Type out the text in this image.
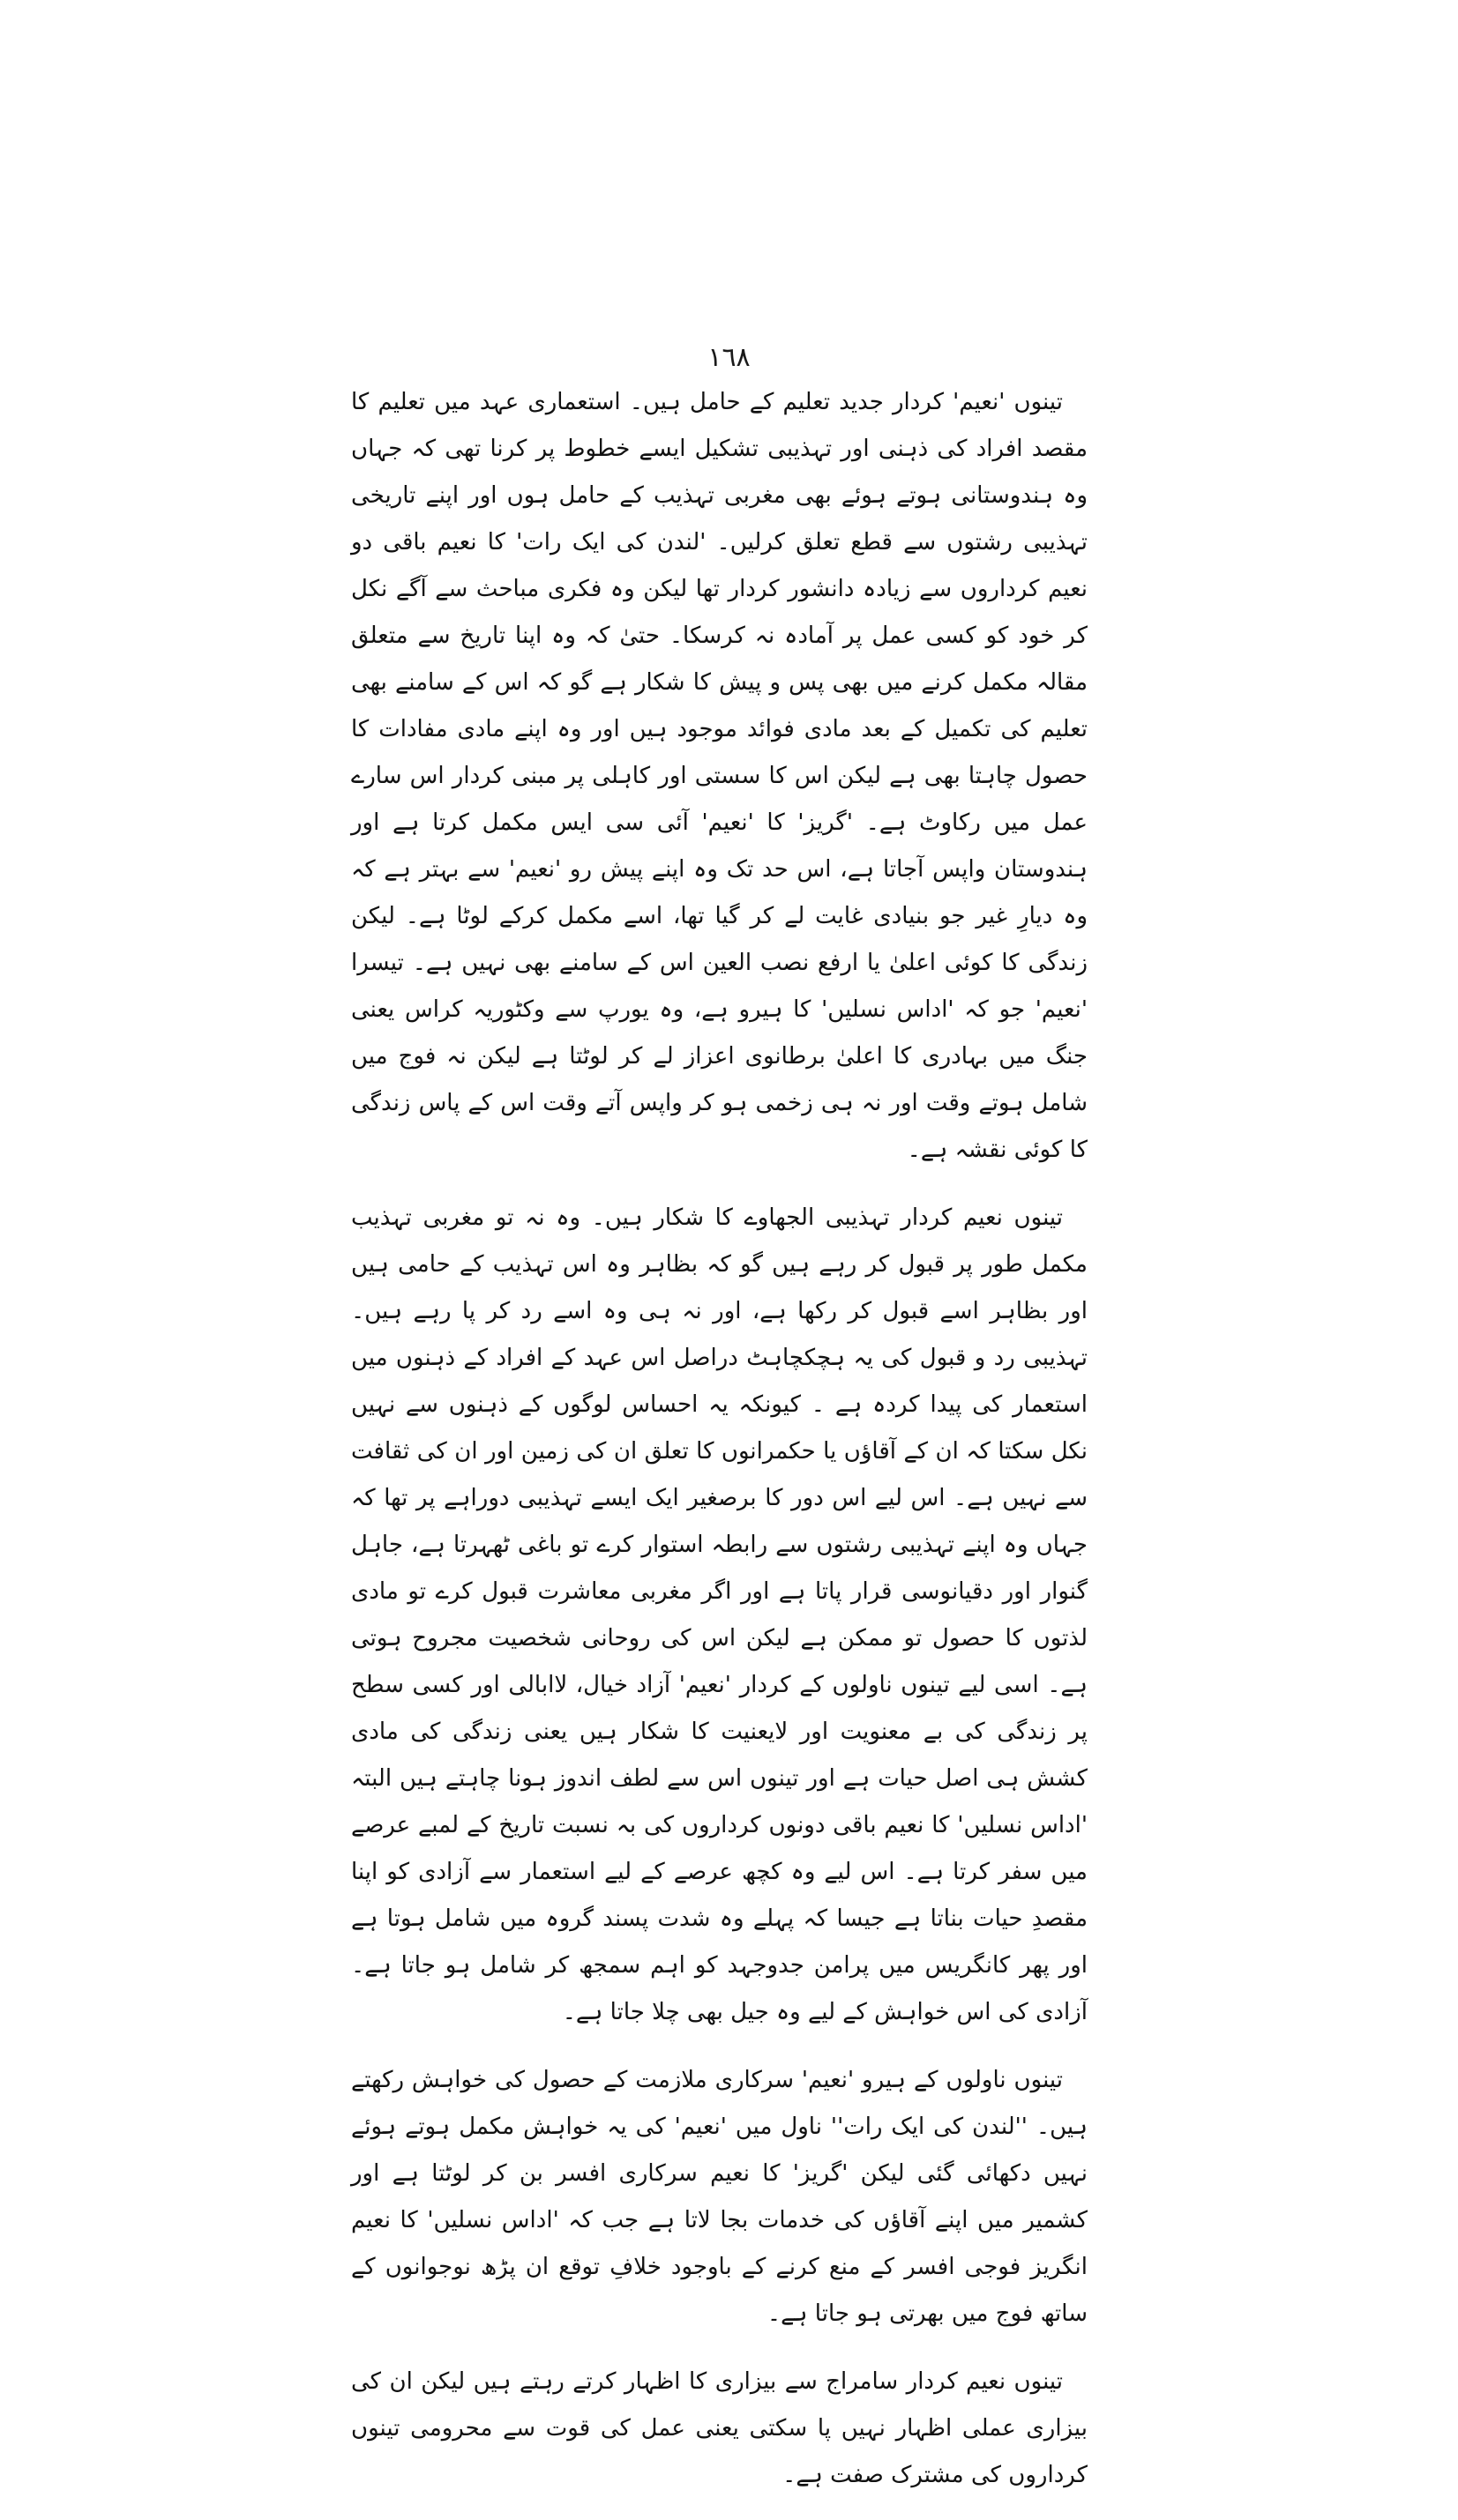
١٦٨

تینوں 'نعیم' کردار جدید تعلیم کے حامل ہیں۔ استعماری عہد میں تعلیم کا مقصد افراد کی ذہنی اور تہذیبی تشکیل ایسے خطوط پر کرنا تھی کہ جہاں وہ ہندوستانی ہوتے ہوئے بھی مغربی تہذیب کے حامل ہوں اور اپنے تاریخی تہذیبی رشتوں سے قطع تعلق کرلیں۔ 'لندن کی ایک رات' کا نعیم باقی دو نعیم کرداروں سے زیادہ دانشور کردار تھا لیکن وہ فکری مباحث سے آگے نکل کر خود کو کسی عمل پر آمادہ نہ کرسکا۔ حتیٰ کہ وہ اپنا تاریخ سے متعلق مقالہ مکمل کرنے میں بھی پس و پیش کا شکار ہے گو کہ اس کے سامنے بھی تعلیم کی تکمیل کے بعد مادی فوائد موجود ہیں اور وہ اپنے مادی مفادات کا حصول چاہتا بھی ہے لیکن اس کا سستی اور کاہلی پر مبنی کردار اس سارے عمل میں رکاوٹ ہے۔ 'گریز' کا 'نعیم' آئی سی ایس مکمل کرتا ہے اور ہندوستان واپس آجاتا ہے، اس حد تک وہ اپنے پیش رو 'نعیم' سے بہتر ہے کہ وہ دیارِ غیر جو بنیادی غایت لے کر گیا تھا، اسے مکمل کرکے لوٹا ہے۔ لیکن زندگی کا کوئی اعلیٰ یا ارفع نصب العین اس کے سامنے بھی نہیں ہے۔ تیسرا 'نعیم' جو کہ 'اداس نسلیں' کا ہیرو ہے، وہ یورپ سے وکٹوریہ کراس یعنی جنگ میں بہادری کا اعلیٰ برطانوی اعزاز لے کر لوٹتا ہے لیکن نہ فوج میں شامل ہوتے وقت اور نہ ہی زخمی ہو کر واپس آتے وقت اس کے پاس زندگی کا کوئی نقشہ ہے۔

تینوں نعیم کردار تہذیبی الجھاوے کا شکار ہیں۔ وہ نہ تو مغربی تہذیب مکمل طور پر قبول کر رہے ہیں گو کہ بظاہر وہ اس تہذیب کے حامی ہیں اور بظاہر اسے قبول کر رکھا ہے، اور نہ ہی وہ اسے رد کر پا رہے ہیں۔ تہذیبی رد و قبول کی یہ ہچکچاہٹ دراصل اس عہد کے افراد کے ذہنوں میں استعمار کی پیدا کردہ ہے ۔ کیونکہ یہ احساس لوگوں کے ذہنوں سے نہیں نکل سکتا کہ ان کے آقاؤں یا حکمرانوں کا تعلق ان کی زمین اور ان کی ثقافت سے نہیں ہے۔ اس لیے اس دور کا برصغیر ایک ایسے تہذیبی دوراہے پر تھا کہ جہاں وہ اپنے تہذیبی رشتوں سے رابطہ استوار کرے تو باغی ٹھہرتا ہے، جاہل گنوار اور دقیانوسی قرار پاتا ہے اور اگر مغربی معاشرت قبول کرے تو مادی لذتوں کا حصول تو ممکن ہے لیکن اس کی روحانی شخصیت مجروح ہوتی ہے۔ اسی لیے تینوں ناولوں کے کردار 'نعیم' آزاد خیال، لاابالی اور کسی سطح پر زندگی کی بے معنویت اور لایعنیت کا شکار ہیں یعنی زندگی کی مادی کشش ہی اصل حیات ہے اور تینوں اس سے لطف اندوز ہونا چاہتے ہیں البتہ 'اداس نسلیں' کا نعیم باقی دونوں کرداروں کی بہ نسبت تاریخ کے لمبے عرصے میں سفر کرتا ہے۔ اس لیے وہ کچھ عرصے کے لیے استعمار سے آزادی کو اپنا مقصدِ حیات بناتا ہے جیسا کہ پہلے وہ شدت پسند گروہ میں شامل ہوتا ہے اور پھر کانگریس میں پرامن جدوجہد کو اہم سمجھ کر شامل ہو جاتا ہے۔ آزادی کی اس خواہش کے لیے وہ جیل بھی چلا جاتا ہے۔

تینوں ناولوں کے ہیرو 'نعیم' سرکاری ملازمت کے حصول کی خواہش رکھتے ہیں۔ ''لندن کی ایک رات'' ناول میں 'نعیم' کی یہ خواہش مکمل ہوتے ہوئے نہیں دکھائی گئی لیکن 'گریز' کا نعیم سرکاری افسر بن کر لوٹتا ہے اور کشمیر میں اپنے آقاؤں کی خدمات بجا لاتا ہے جب کہ 'اداس نسلیں' کا نعیم انگریز فوجی افسر کے منع کرنے کے باوجود خلافِ توقع ان پڑھ نوجوانوں کے ساتھ فوج میں بھرتی ہو جاتا ہے۔

تینوں نعیم کردار سامراج سے بیزاری کا اظہار کرتے رہتے ہیں لیکن ان کی بیزاری عملی اظہار نہیں پا سکتی یعنی عمل کی قوت سے محرومی تینوں کرداروں کی مشترک صفت ہے۔
